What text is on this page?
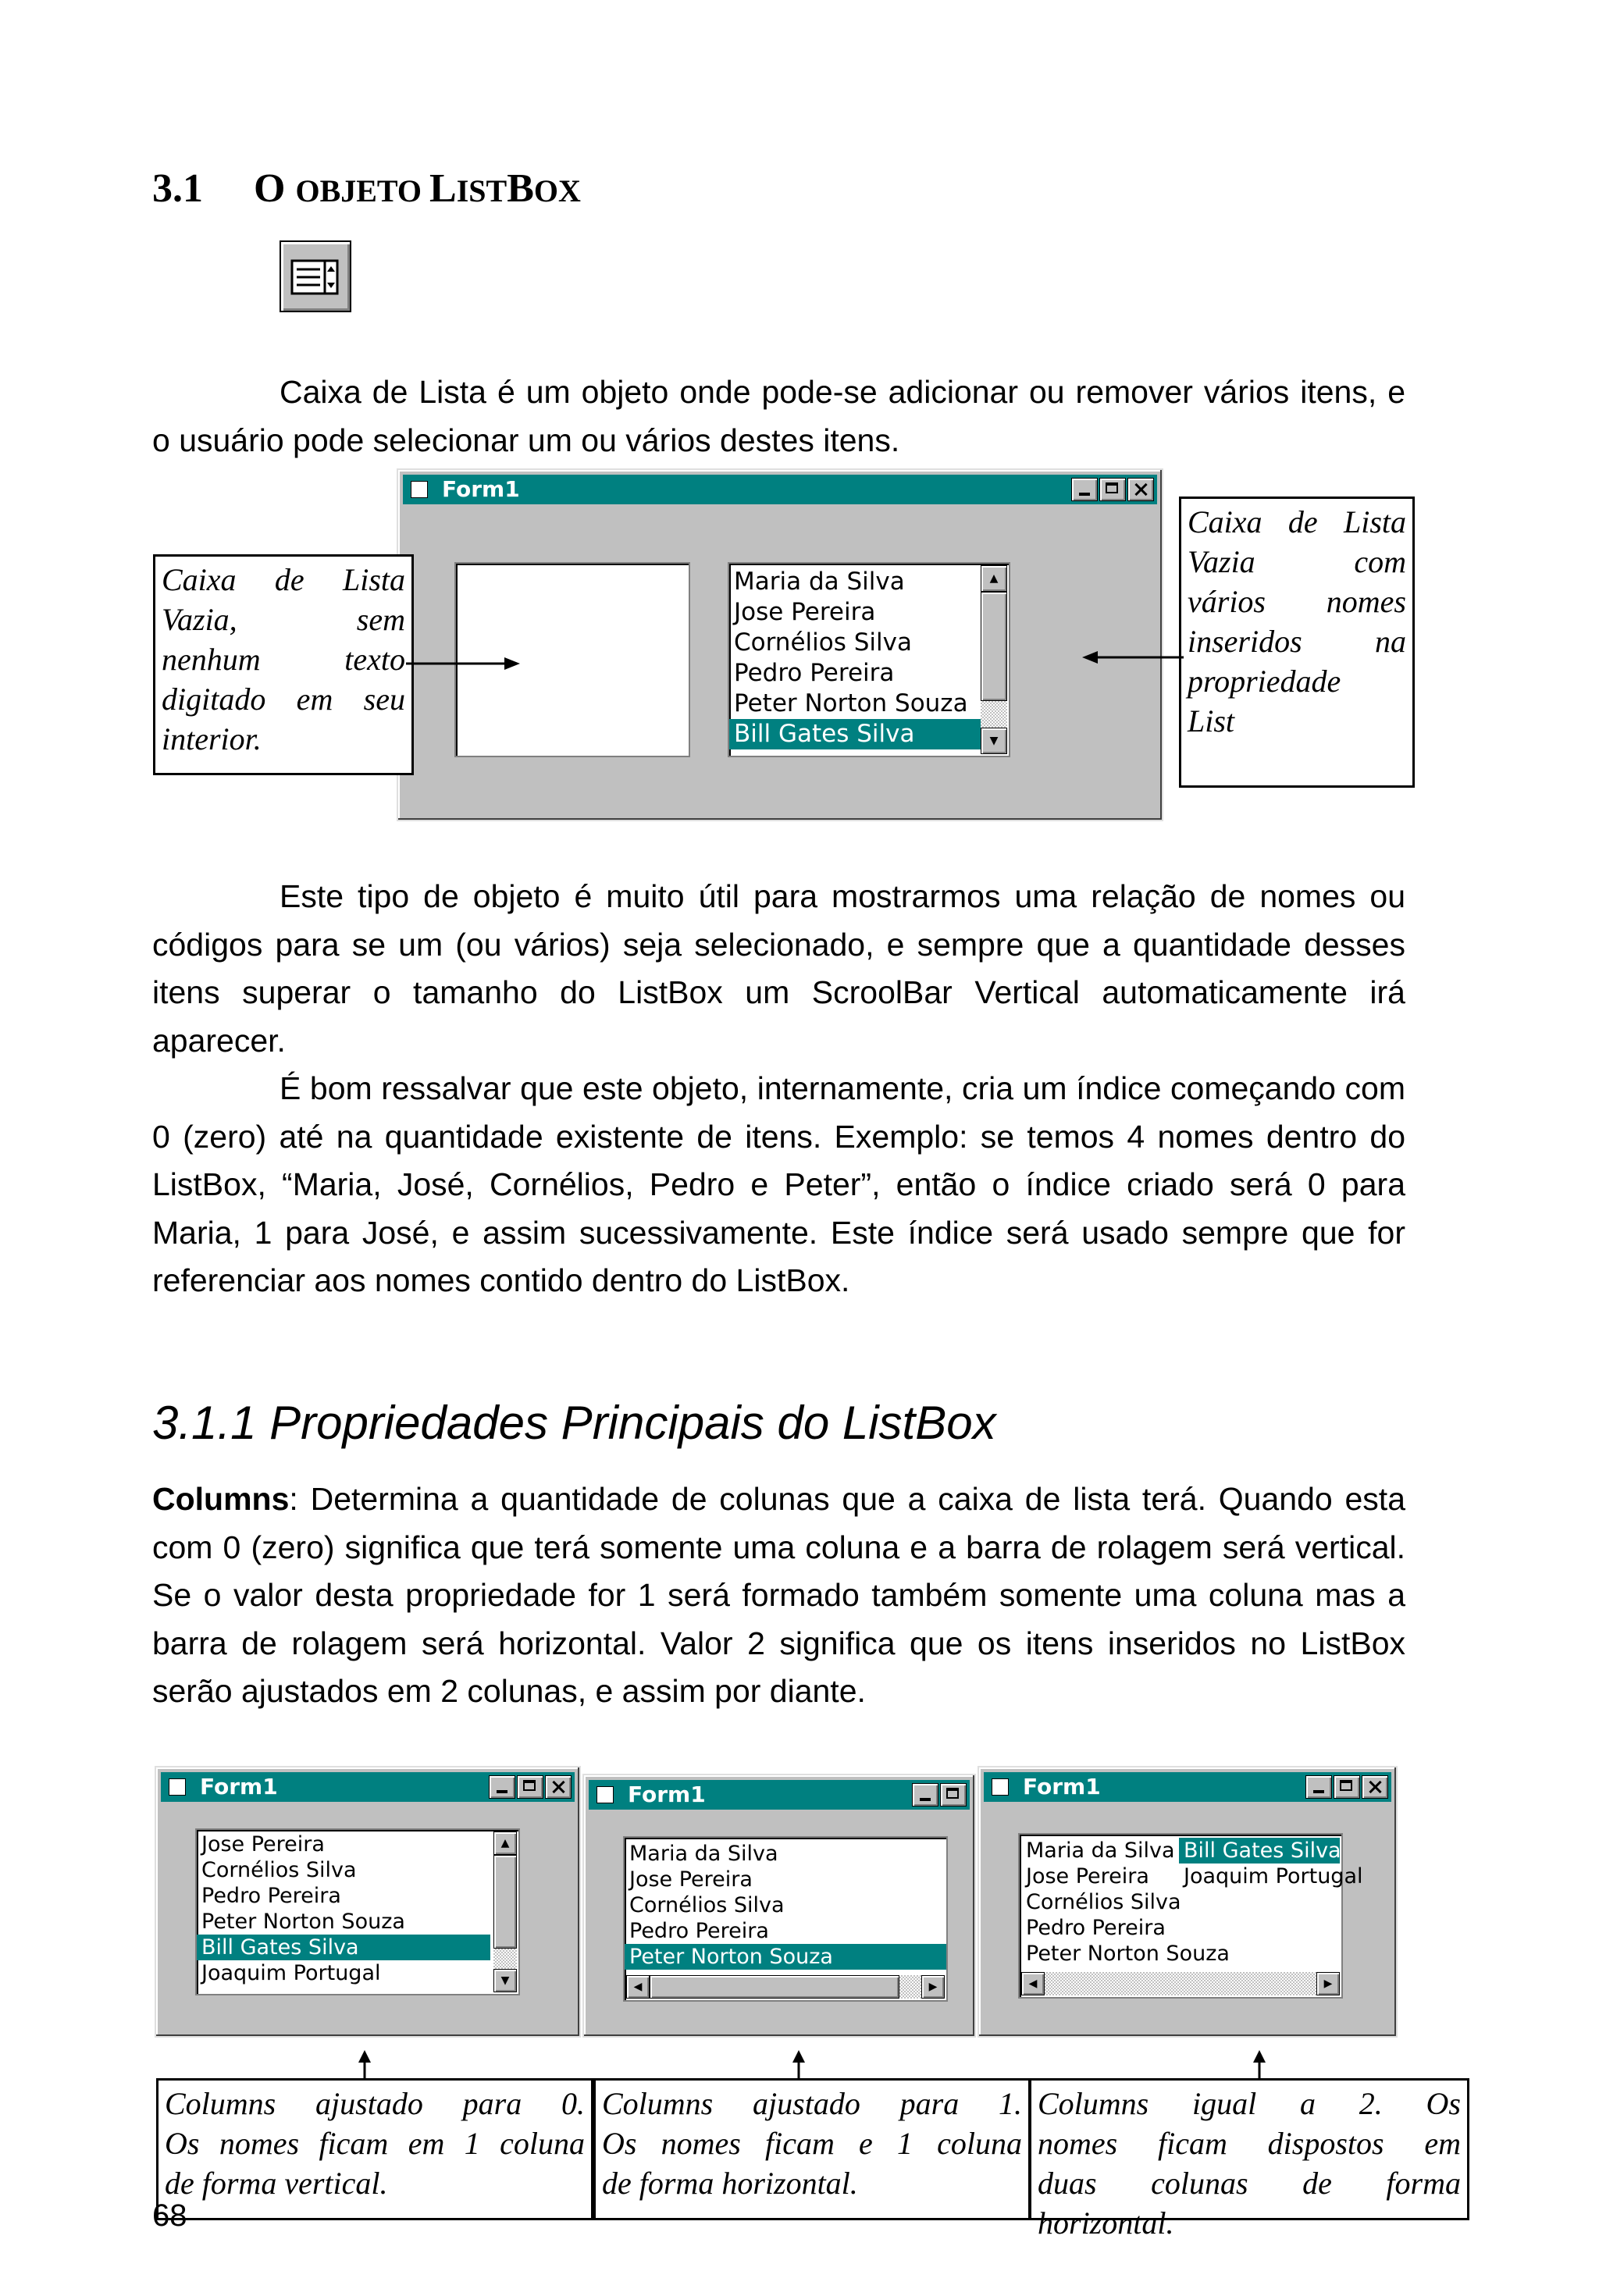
3.1 O OBJETO LISTBOX

Caixa de Lista é um objeto onde pode-se adicionar ou remover vários itens, e o usuário pode selecionar um ou vários destes itens.

Form1
Maria da Silva
Jose Pereira
Cornélios Silva
Pedro Pereira
Peter Norton Souza
Bill Gates Silva
▲
▼
Caixa de Lista
Vazia, sem
nenhum texto
digitado em seu
interior.
Caixa de Lista
Vazia com
vários nomes
inseridos na
propriedade
List

Este tipo de objeto é muito útil para mostrarmos uma relação de nomes ou códigos para se um (ou vários) seja selecionado, e sempre que a quantidade desses itens superar o tamanho do ListBox um ScroolBar Vertical automaticamente irá aparecer.

É bom ressalvar que este objeto, internamente, cria um índice começando com 0 (zero) até na quantidade existente de itens. Exemplo: se temos 4 nomes dentro do ListBox, “Maria, José, Cornélios, Pedro e Peter”, então o índice criado será 0 para Maria, 1 para José, e assim sucessivamente. Este índice será usado sempre que for referenciar aos nomes contido dentro do ListBox.

3.1.1 Propriedades Principais do ListBox

Columns: Determina a quantidade de colunas que a caixa de lista terá. Quando esta com 0 (zero) significa que terá somente uma coluna e a barra de rolagem será vertical. Se o valor desta propriedade for 1 será formado também somente uma coluna mas a barra de rolagem será horizontal. Valor 2 significa que os itens inseridos no ListBox serão ajustados em 2 colunas, e assim por diante.

Form1
Jose Pereira
Cornélios Silva
Pedro Pereira
Peter Norton Souza
Bill Gates Silva
Joaquim Portugal
▲
▼
Form1
Maria da Silva
Jose Pereira
Cornélios Silva
Pedro Pereira
Peter Norton Souza
◀	▶
Form1
Maria da Silva
Jose Pereira
Cornélios Silva
Pedro Pereira
Peter Norton Souza
Bill Gates Silva
Joaquim Portugal
◀	▶
Columns ajustado para 0.
Os nomes ficam em 1 coluna
de forma vertical.
Columns ajustado para 1.
Os nomes ficam e 1 coluna
de forma horizontal.
Columns igual a 2. Os
nomes ficam dispostos em
duas colunas de forma
horizontal.
68
